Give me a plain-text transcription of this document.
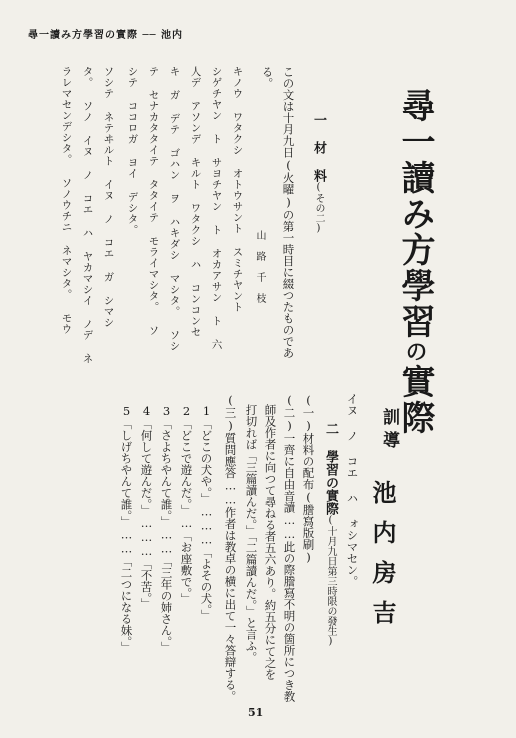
尋一讀み方學習の實際 ── 池内
尋一讀み方學習の實際
訓導
池内房吉
イヌ ノ コエ ハ ォシマセン。
二 學習の實際(十月九日第三時限の發生)
(一)材料の配布(謄寫版刷)
(二)一齊に自由音讀……此の際謄寫不明の箇所につき教
師及作者に向つて尋ねる者五六あり。約五分にて之を
打切れば「三篇讀んだ。」「二篇讀んだ。」と言ふ。
(三)質問應答……作者は教卓の横に出て一々答辯する。
1「どこの犬や。」………「よその犬。」
2「どこで遊んだ。」…「お座敷で。」
3「さよちやんて誰。」……「三年の姉さん。」
4「何して遊んだ。」………「不苦。」
5「しげちやんて誰。」……「二つになる妹。」
一 材 料(その二)
この文は十月九日(火曜)の第一時目に綴つたものであ
る。
山 路 千 枝
キノウ ワタクシ オトウサント スミチヤント
シゲチヤン ト サヨチヤン ト オカアサン ト 六
人デ アソンデ キルト ワタクシ ハ コンコンセ
キ ガ デテ ゴハン ヲ ハキダシ マシタ。 ソシ
テ セナカタタイテ タタイテ モライマシタ。 ソ
シテ ココロガ ヨイ デシタ。
ソシテ ネテヰルト イヌ ノ コエ ガ シマシ
タ。 ソノ イヌ ノ コエ ハ ヤカマシイ ノデ ネ
ラレマセンデシタ。 ソノウチニ ネマシタ。 モウ
51
